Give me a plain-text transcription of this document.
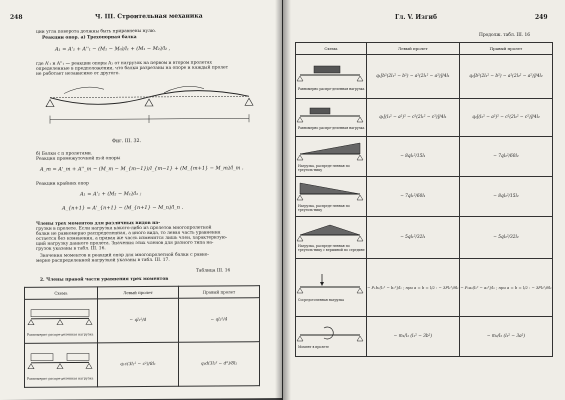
248	Ч. III. Строительная механика
ции угла поворота должны быть приравнены нулю.
Реакции опор. а) Трехопорная балка
A₁ = A'₁ + A''₁ − (M₁ − M₀)/l₁ + (M₁ − M₂)/l₂ ,
где A'₁ и A''₁ — реакции опоры A₁ от нагрузок на первом и втором пролетах
определенные в предположении, что балки разрезаны на опоре и каждый пролет
не работает независимо от другого.
Фиг. III. 32.
б) Балки с п пролетами.
Реакция промежуточной m-й опоры
A_m = A'_m + A''_m − (M_m − M_{m−1})/l_{m−1} + (M_{m+1} − M_m)/l_m .
Реакции крайних опор
A₁ = A'₁ + (M₂ − M₁)/l₁ ;
A_{n+1} = A'_{n+1} − (M_{n+1} − M_n)/l_n .
Члены трех моментов для различных видов на-
грузки в пролете. Если нагрузка какого-либо из пролетов многопролетной
балки не равномерно распределенная, а иного вида, то левая часть уравнения
остается без изменения, а правая же часть изменится лишь член, характеризую-
щий нагрузку данного пролета. Значения этих членов для разного типа на-
грузок указаны в табл. III. 16.
Значения моментов и реакций опор для многопролетной балки с равно-
мерно распределенной нагрузкой указаны в табл. III. 17.
Таблица III. 16
2. Члены правой части уравнения трех моментов
Схема	Левый пролет	Правый пролет

Равномерно распре-деленная нагрузка	− ql₁²/4	− ql₂²/4

Равномерно распре-деленная нагрузка	q₁c(3l₁² − c²)/8l₁	q₂d(3l₂² − d²)/8l₂
Гл. V. Изгиб	249
Продолж. табл. III. 16
Схема	Левый пролет	Правый пролет

Равномерно распре-деленная нагрузка	q₁[b²(2l₁² − b²) − a²(2l₁² − a²)]/4l₁	q₂[b²(2l₂² − b²) − a²(2l₂² − a²)]/4l₂

Равномерно распре-деленная нагрузка	q₁[(l₁² − a²)² − c²(2l₁² − c²)]/4l₁	q₂[(l₂² − a²)² − c²(2l₂² − c²)]/4l₂

Нагрузка, распреде-ленная по треуголь-нику	− 8ql₁²/15l₁	− 7ql₂²/60l₂

Нагрузка, распреде-ленная по треуголь-нику	− 7ql₁²/60l₁	− 8ql₂²/15l₂

Нагрузка, распреде-ленная по треуголь-нику с вершиной по середине	− 5ql₁²/32l₁	− 5ql₂²/32l₂

Сосредоточенная нагрузка	− P₁b₁(l₁² − b₁²)/l₁ ; при a = b = l/2 : − 3Pl₁²/8l₁	− P₂a₂(l₂² − a₂²)/l₂ ; при a = b = l/2 : − 3Pl₂²/8l₂

Момент в пролете	− m₁/l₁ (l₁² − 3b²)	− m₂/l₂ (l₂² − 3a²)
